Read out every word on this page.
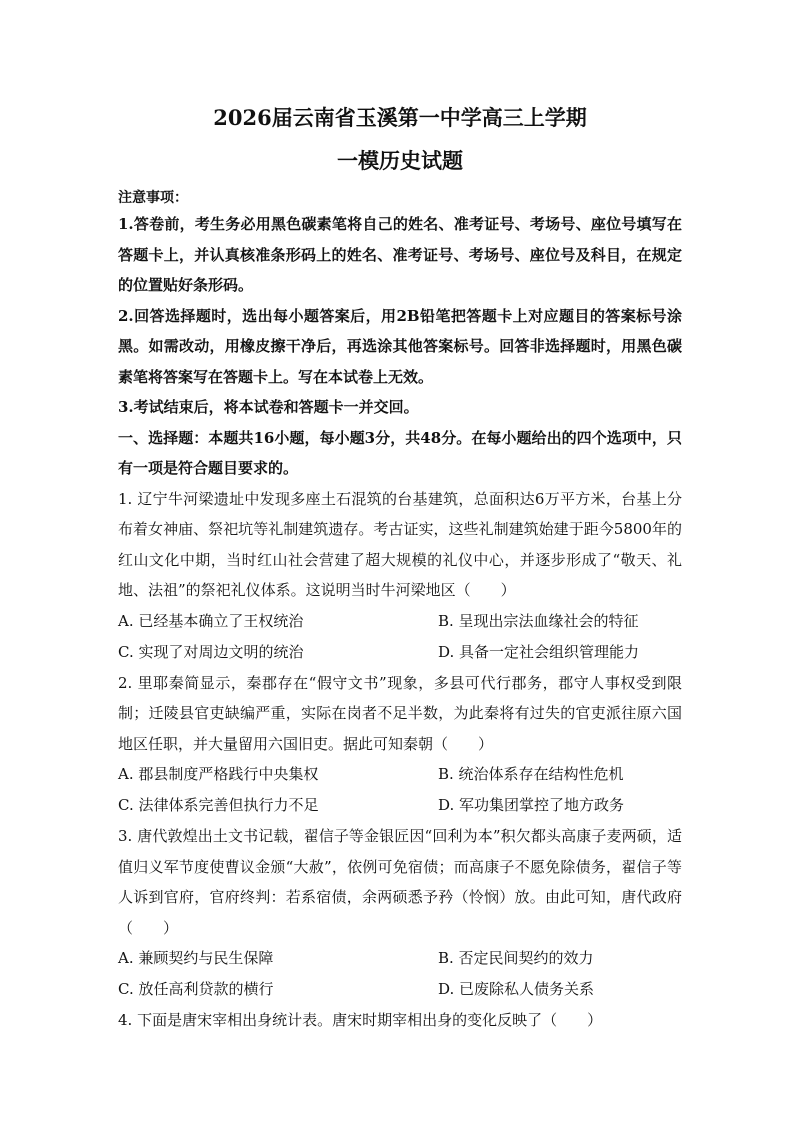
2026届云南省玉溪第一中学高三上学期
一模历史试题
注意事项：
1.答卷前，考生务必用黑色碳素笔将自己的姓名、准考证号、考场号、座位号填写在答题卡上，并认真核准条形码上的姓名、准考证号、考场号、座位号及科目，在规定的位置贴好条形码。
2.回答选择题时，选出每小题答案后，用2B铅笔把答题卡上对应题目的答案标号涂黑。如需改动，用橡皮擦干净后，再选涂其他答案标号。回答非选择题时，用黑色碳素笔将答案写在答题卡上。写在本试卷上无效。
3.考试结束后，将本试卷和答题卡一并交回。
一、选择题：本题共16小题，每小题3分，共48分。在每小题给出的四个选项中，只有一项是符合题目要求的。
1. 辽宁牛河梁遗址中发现多座土石混筑的台基建筑，总面积达6万平方米，台基上分布着女神庙、祭祀坑等礼制建筑遗存。考古证实，这些礼制建筑始建于距今5800年的红山文化中期，当时红山社会营建了超大规模的礼仪中心，并逐步形成了“敬天、礼地、法祖”的祭祀礼仪体系。这说明当时牛河梁地区（　　）
A. 已经基本确立了王权统治	B. 呈现出宗法血缘社会的特征
C. 实现了对周边文明的统治	D. 具备一定社会组织管理能力
2. 里耶秦简显示，秦郡存在“假守文书”现象，多县可代行郡务，郡守人事权受到限制；迁陵县官吏缺编严重，实际在岗者不足半数，为此秦将有过失的官吏派往原六国地区任职，并大量留用六国旧吏。据此可知秦朝（　　）
A. 郡县制度严格践行中央集权	B. 统治体系存在结构性危机
C. 法律体系完善但执行力不足	D. 军功集团掌控了地方政务
3. 唐代敦煌出土文书记载，翟信子等金银匠因“回利为本”积欠都头高康子麦两硕，适值归义军节度使曹议金颁“大赦”，依例可免宿债；而高康子不愿免除债务，翟信子等人诉到官府，官府终判：若系宿债，余两硕悉予矜（怜悯）放。由此可知，唐代政府（　　）
A. 兼顾契约与民生保障	B. 否定民间契约的效力
C. 放任高利贷款的横行	D. 已废除私人债务关系
4. 下面是唐宋宰相出身统计表。唐宋时期宰相出身的变化反映了（　　）
